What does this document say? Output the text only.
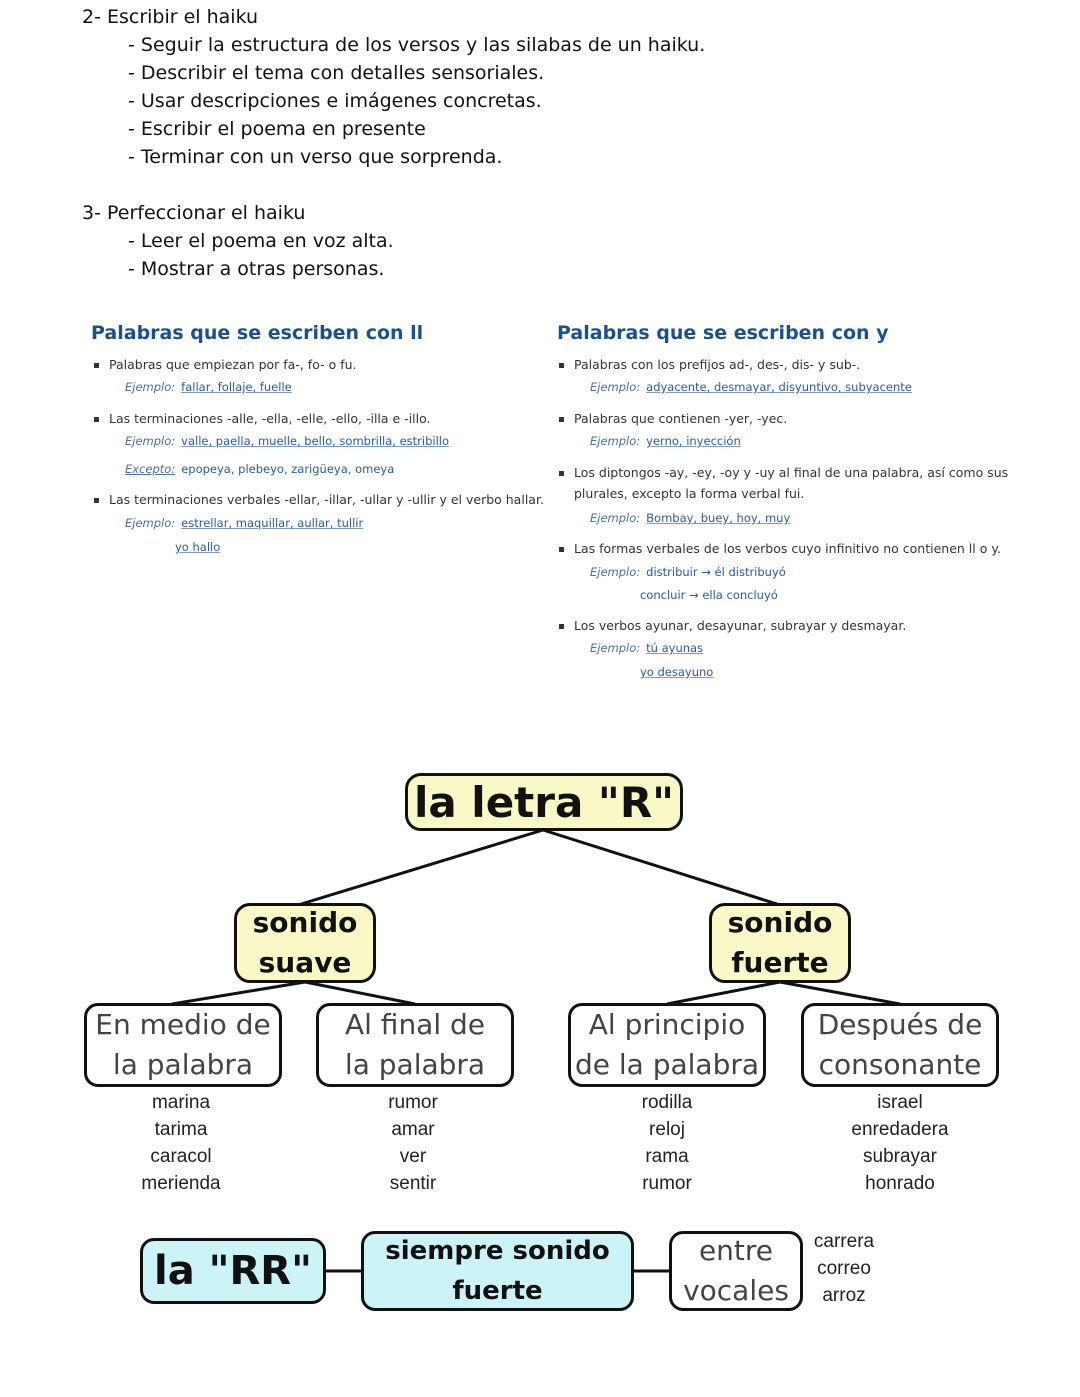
2- Escribir el haiku
- Seguir la estructura de los versos y las silabas de un haiku.
- Describir el tema con detalles sensoriales.
- Usar descripciones e imágenes concretas.
- Escribir el poema en presente
- Terminar con un verso que sorprenda.
3- Perfeccionar el haiku
- Leer el poema en voz alta.
- Mostrar a otras personas.
Palabras que se escriben con ll
Palabras que empiezan por fa-, fo- o fu.
Ejemplo: fallar, follaje, fuelle
Las terminaciones -alle, -ella, -elle, -ello, -illa e -illo.
Ejemplo: valle, paella, muelle, bello, sombrilla, estribillo
Excepto: epopeya, plebeyo, zarigüeya, omeya
Las terminaciones verbales -ellar, -illar, -ullar y -ullir y el verbo hallar.
Ejemplo: estrellar, maquillar, aullar, tullir
yo hallo
Palabras que se escriben con y
Palabras con los prefijos ad-, des-, dis- y sub-.
Ejemplo: adyacente, desmayar, disyuntivo, subyacente
Palabras que contienen -yer, -yec.
Ejemplo: yerno, inyección
Los diptongos -ay, -ey, -oy y -uy al final de una palabra, así como sus
plurales, excepto la forma verbal fui.
Ejemplo: Bombay, buey, hoy, muy
Las formas verbales de los verbos cuyo infinitivo no contienen ll o y.
Ejemplo: distribuir → él distribuyó
concluir → ella concluyó
Los verbos ayunar, desayunar, subrayar y desmayar.
Ejemplo: tú ayunas
yo desayuno
la letra "R"
sonido
suave
sonido
fuerte
En medio de
la palabra
Al final de
la palabra
Al principio
de la palabra
Después de
consonante
marina
tarima
caracol
merienda
rumor
amar
ver
sentir
rodilla
reloj
rama
rumor
israel
enredadera
subrayar
honrado
la "RR"	siempre sonido
fuerte
entre
vocales
carrera
correo
arroz
